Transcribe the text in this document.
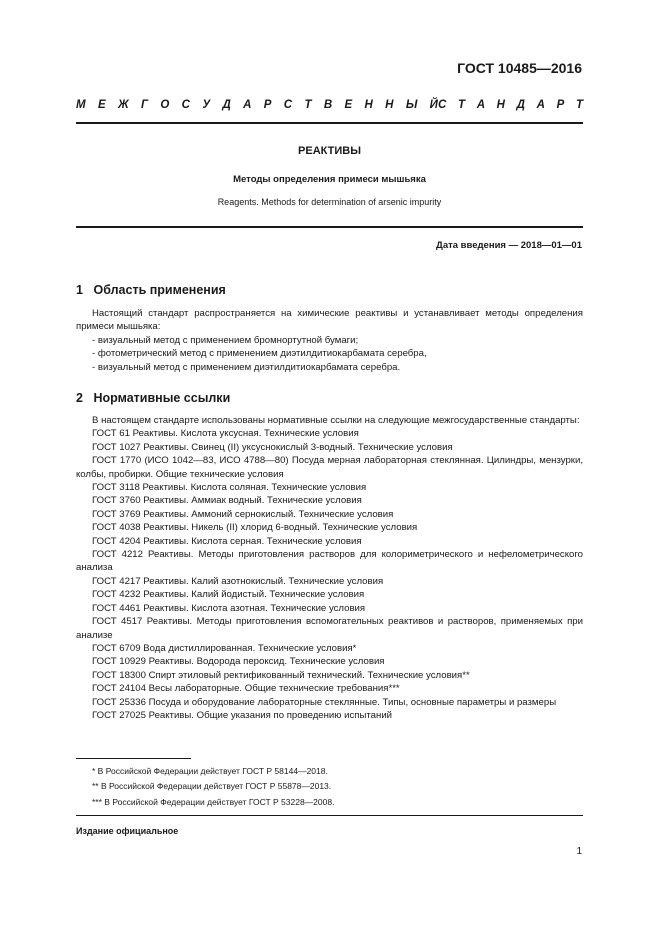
ГОСТ 10485—2016
М Е Ж Г О С У Д А Р С Т В Е Н Н Ы Й С Т А Н Д А Р Т
РЕАКТИВЫ
Методы определения примеси мышьяка
Reagents. Methods for determination of arsenic impurity
Дата введения — 2018—01—01
1 Область применения

Настоящий стандарт распространяется на химические реактивы и устанавливает методы определения примеси мышьяка:

- визуальный метод с применением бромнортутной бумаги;
- фотометрический метод с применением диэтилдитиокарбамата серебра,
- визуальный метод с применением диэтилдитиокарбамата серебра.
2 Нормативные ссылки

В настоящем стандарте использованы нормативные ссылки на следующие межгосударственные стандарты:

ГОСТ 61 Реактивы. Кислота уксусная. Технические условия
ГОСТ 1027 Реактивы. Свинец (II) уксуснокислый 3-водный. Технические условия
ГОСТ 1770 (ИСО 1042—83, ИСО 4788—80) Посуда мерная лабораторная стеклянная. Цилиндры, мензурки, колбы, пробирки. Общие технические условия
ГОСТ 3118 Реактивы. Кислота соляная. Технические условия
ГОСТ 3760 Реактивы. Аммиак водный. Технические условия
ГОСТ 3769 Реактивы. Аммоний сернокислый. Технические условия
ГОСТ 4038 Реактивы. Никель (II) хлорид 6-водный. Технические условия
ГОСТ 4204 Реактивы. Кислота серная. Технические условия
ГОСТ 4212 Реактивы. Методы приготовления растворов для колориметрического и нефелометрического анализа
ГОСТ 4217 Реактивы. Калий азотнокислый. Технические условия
ГОСТ 4232 Реактивы. Калий йодистый. Технические условия
ГОСТ 4461 Реактивы. Кислота азотная. Технические условия
ГОСТ 4517 Реактивы. Методы приготовления вспомогательных реактивов и растворов, применяемых при анализе
ГОСТ 6709 Вода дистиллированная. Технические условия*
ГОСТ 10929 Реактивы. Водорода пероксид. Технические условия
ГОСТ 18300 Спирт этиловый ректификованный технический. Технические условия**
ГОСТ 24104 Весы лабораторные. Общие технические требования***
ГОСТ 25336 Посуда и оборудование лабораторные стеклянные. Типы, основные параметры и размеры
ГОСТ 27025 Реактивы. Общие указания по проведению испытаний
* В Российской Федерации действует ГОСТ Р 58144—2018.
** В Российской Федерации действует ГОСТ Р 55878—2013.
*** В Российской Федерации действует ГОСТ Р 53228—2008.
Издание официальное
1
